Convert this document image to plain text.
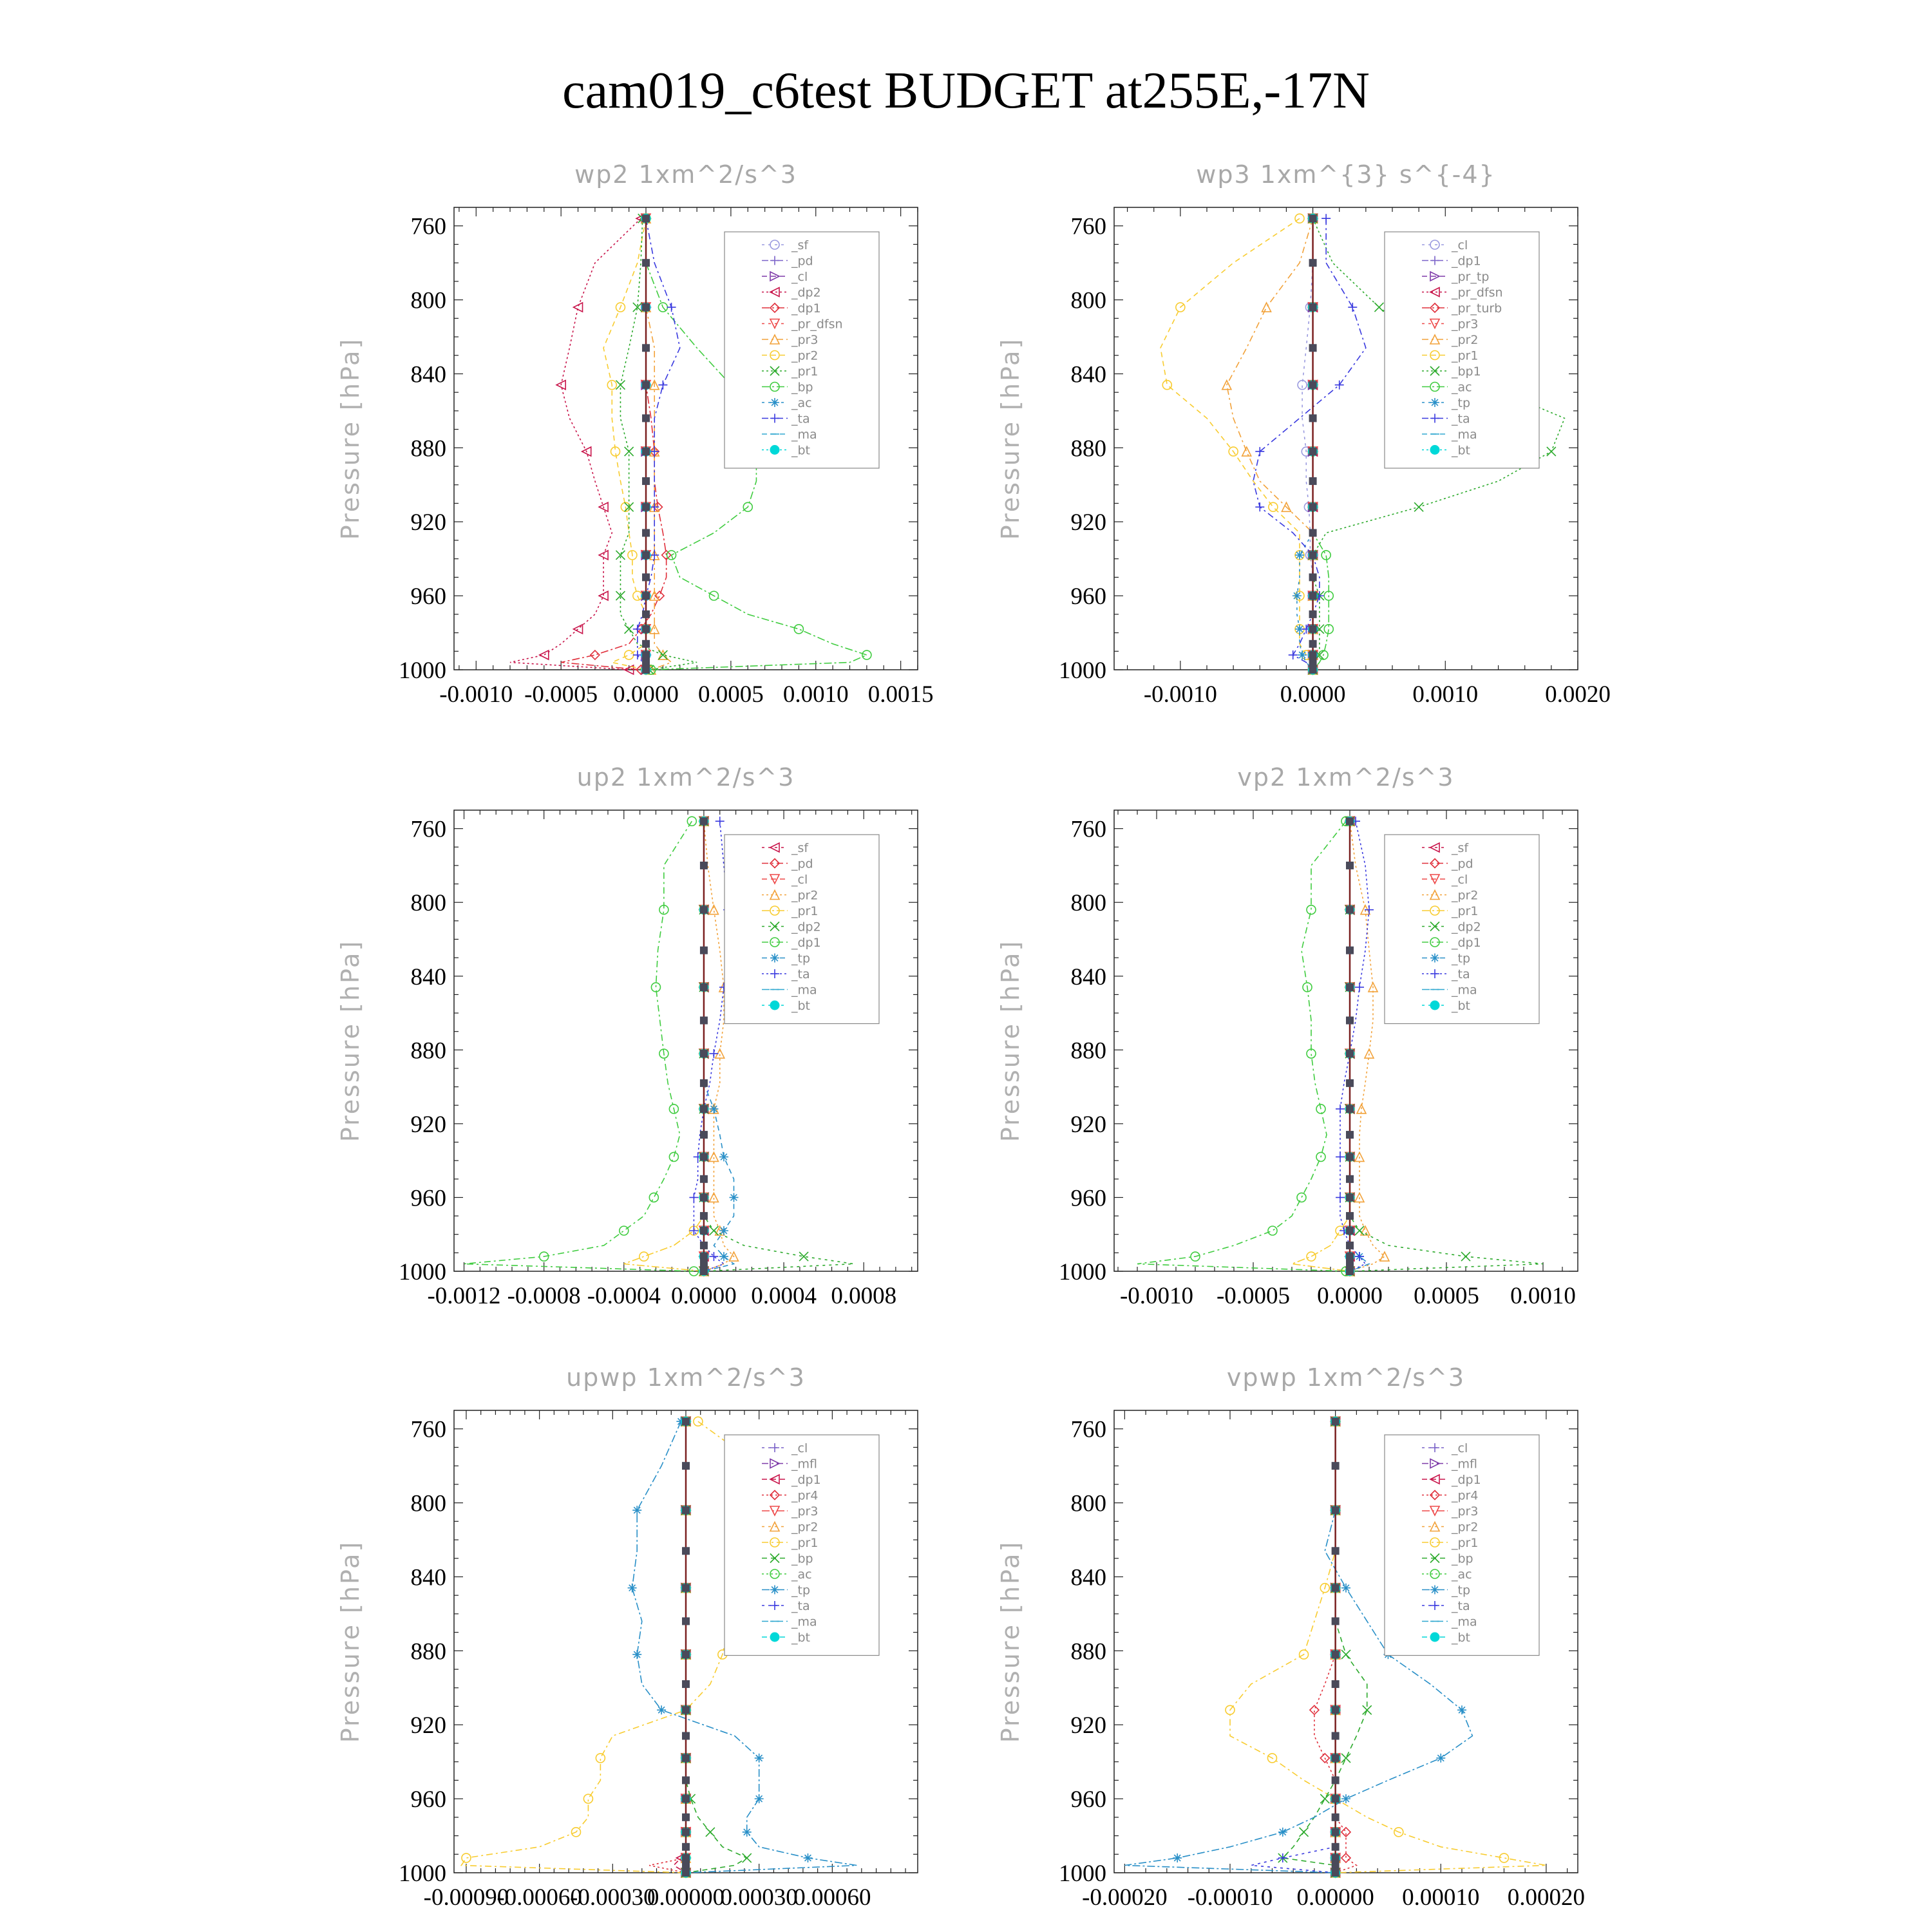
cam019_c6test BUDGET at255E,-17N
wp2 1xm^2/s^3
Pressure [hPa]
760
800
840
880
920
960
1000
-0.0010 -0.0005 0.0000 0.0005 0.0010 0.0015
_sf
_pd
_cl
_dp2
_dp1
_pr_dfsn
_pr3
_pr2
_pr1
_bp
_ac
_ta
_ma
_bt
wp3 1xm^{3} s^{-4}
Pressure [hPa]
760
800
840
880
920
960
1000
-0.0010	0.0000	0.0010	0.0020
_cl
_dp1
_pr_tp
_pr_dfsn
_pr_turb
_pr3
_pr2
_pr1
_bp1
_ac
_tp
_ta
_ma
_bt
up2 1xm^2/s^3
Pressure [hPa]
760
800
840
880
920
960
1000
-0.0012 -0.0008 -0.0004 0.0000 0.0004 0.0008
_sf
_pd
_cl
_pr2
_pr1
_dp2
_dp1
_tp
_ta
_ma
_bt
vp2 1xm^2/s^3
Pressure [hPa]
760
800
840
880
920
960
1000
-0.0010 -0.0005 0.0000 0.0005 0.0010
_sf
_pd
_cl
_pr2
_pr1
_dp2
_dp1
_tp
_ta
_ma
_bt
upwp 1xm^2/s^3
Pressure [hPa]
760
800
840
880
920
960
1000
-0.00090
-0.00060
-0.00030
0.00000
0.00030
0.00060
_cl
_mfl
_dp1
_pr4
_pr3
_pr2
_pr1
_bp
_ac
_tp
_ta
_ma
_bt
vpwp 1xm^2/s^3
Pressure [hPa]
760
800
840
880
920
960
1000
-0.00020 -0.00010 0.00000 0.00010 0.00020
_cl
_mfl
_dp1
_pr4
_pr3
_pr2
_pr1
_bp
_ac
_tp
_ta
_ma
_bt
